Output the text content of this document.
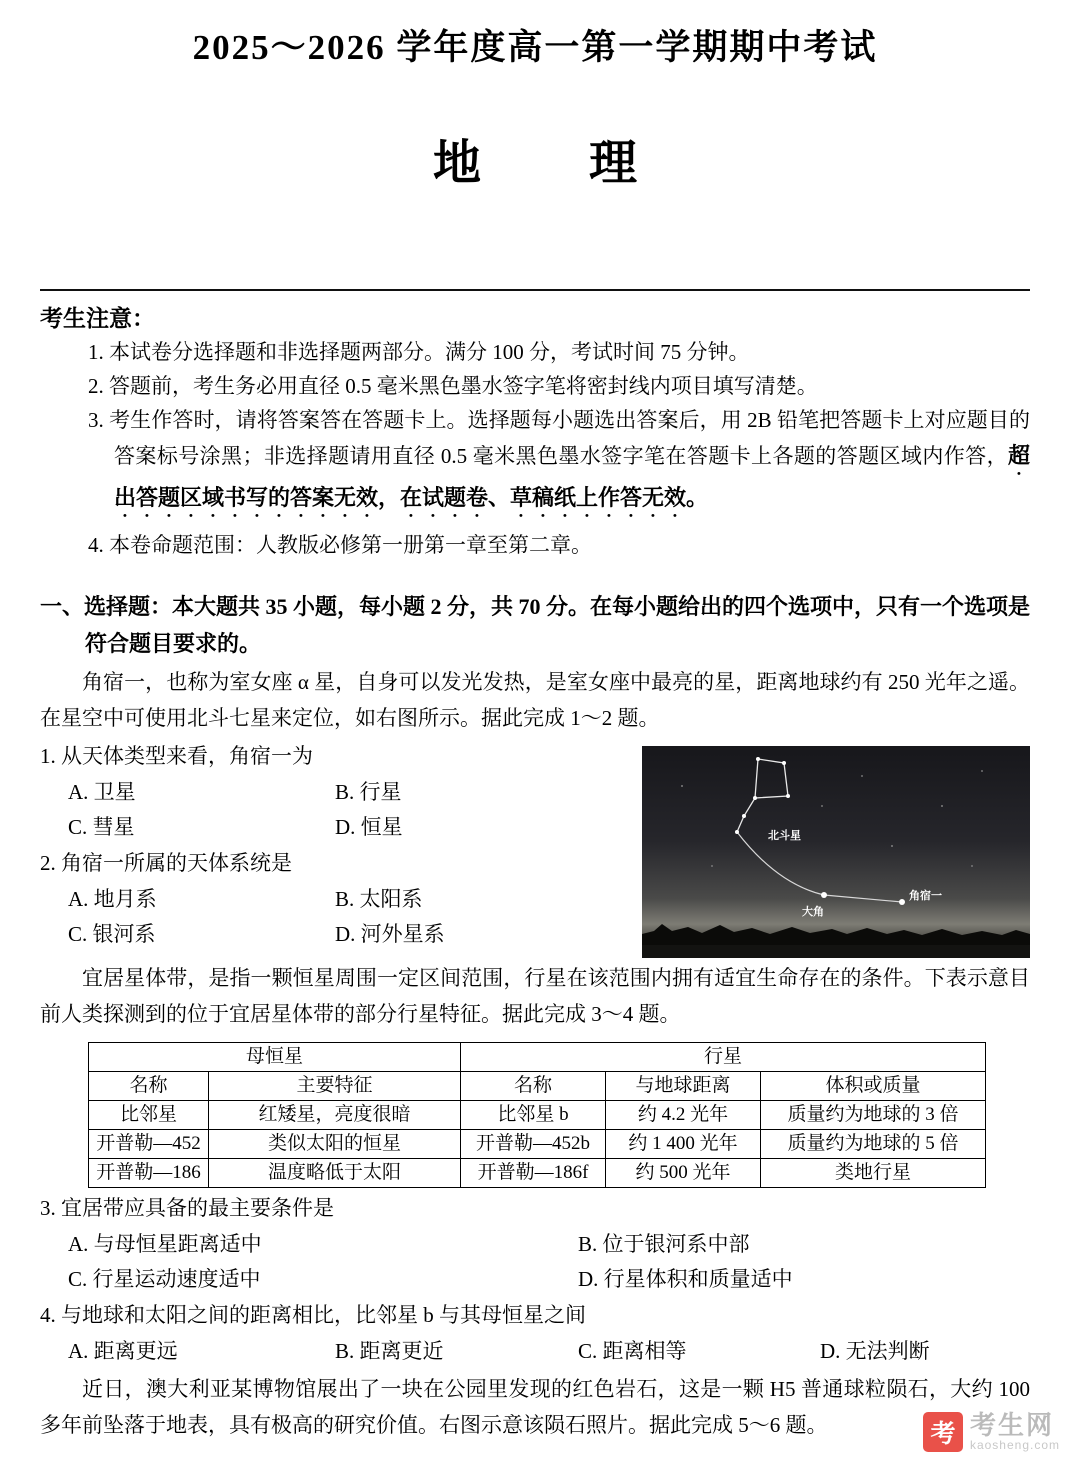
2025～2026 学年度高一第一学期期中考试
地理
考生注意：

1. 本试卷分选择题和非选择题两部分。满分 100 分，考试时间 75 分钟。

2. 答题前，考生务必用直径 0.5 毫米黑色墨水签字笔将密封线内项目填写清楚。

3. 考生作答时，请将答案答在答题卡上。选择题每小题选出答案后，用 2B 铅笔把答题卡上对应题目的答案标号涂黑；非选择题请用直径 0.5 毫米黑色墨水签字笔在答题卡上各题的答题区域内作答，超出答题区域书写的答案无效，在试题卷、草稿纸上作答无效。

4. 本卷命题范围：人教版必修第一册第一章至第二章。

一、选择题：本大题共 35 小题，每小题 2 分，共 70 分。在每小题给出的四个选项中，只有一个选项是符合题目要求的。

角宿一，也称为室女座 α 星，自身可以发光发热，是室女座中最亮的星，距离地球约有 250 光年之遥。在星空中可使用北斗七星来定位，如右图所示。据此完成 1～2 题。

1. 从天体类型来看，角宿一为
A. 卫星	B. 行星
C. 彗星	D. 恒星
2. 角宿一所属的天体系统是
A. 地月系	B. 太阳系
C. 银河系	D. 河外星系
北斗星
大角
角宿一

宜居星体带，是指一颗恒星周围一定区间范围，行星在该范围内拥有适宜生命存在的条件。下表示意目前人类探测到的位于宜居星体带的部分行星特征。据此完成 3～4 题。

母恒星		行星		
名称	主要特征	名称	与地球距离	体积或质量
比邻星	红矮星，亮度很暗	比邻星 b	约 4.2 光年	质量约为地球的 3 倍
开普勒—452	类似太阳的恒星	开普勒—452b	约 1 400 光年	质量约为地球的 5 倍
开普勒—186	温度略低于太阳	开普勒—186f	约 500 光年	类地行星
3. 宜居带应具备的最主要条件是
A. 与母恒星距离适中	B. 位于银河系中部
C. 行星运动速度适中	D. 行星体积和质量适中
4. 与地球和太阳之间的距离相比，比邻星 b 与其母恒星之间
A. 距离更远	B. 距离更近	C. 距离相等	D. 无法判断

近日，澳大利亚某博物馆展出了一块在公园里发现的红色岩石，这是一颗 H5 普通球粒陨石，大约 100 多年前坠落于地表，具有极高的研究价值。右图示意该陨石照片。据此完成 5～6 题。	考 考生网
kaosheng.com
